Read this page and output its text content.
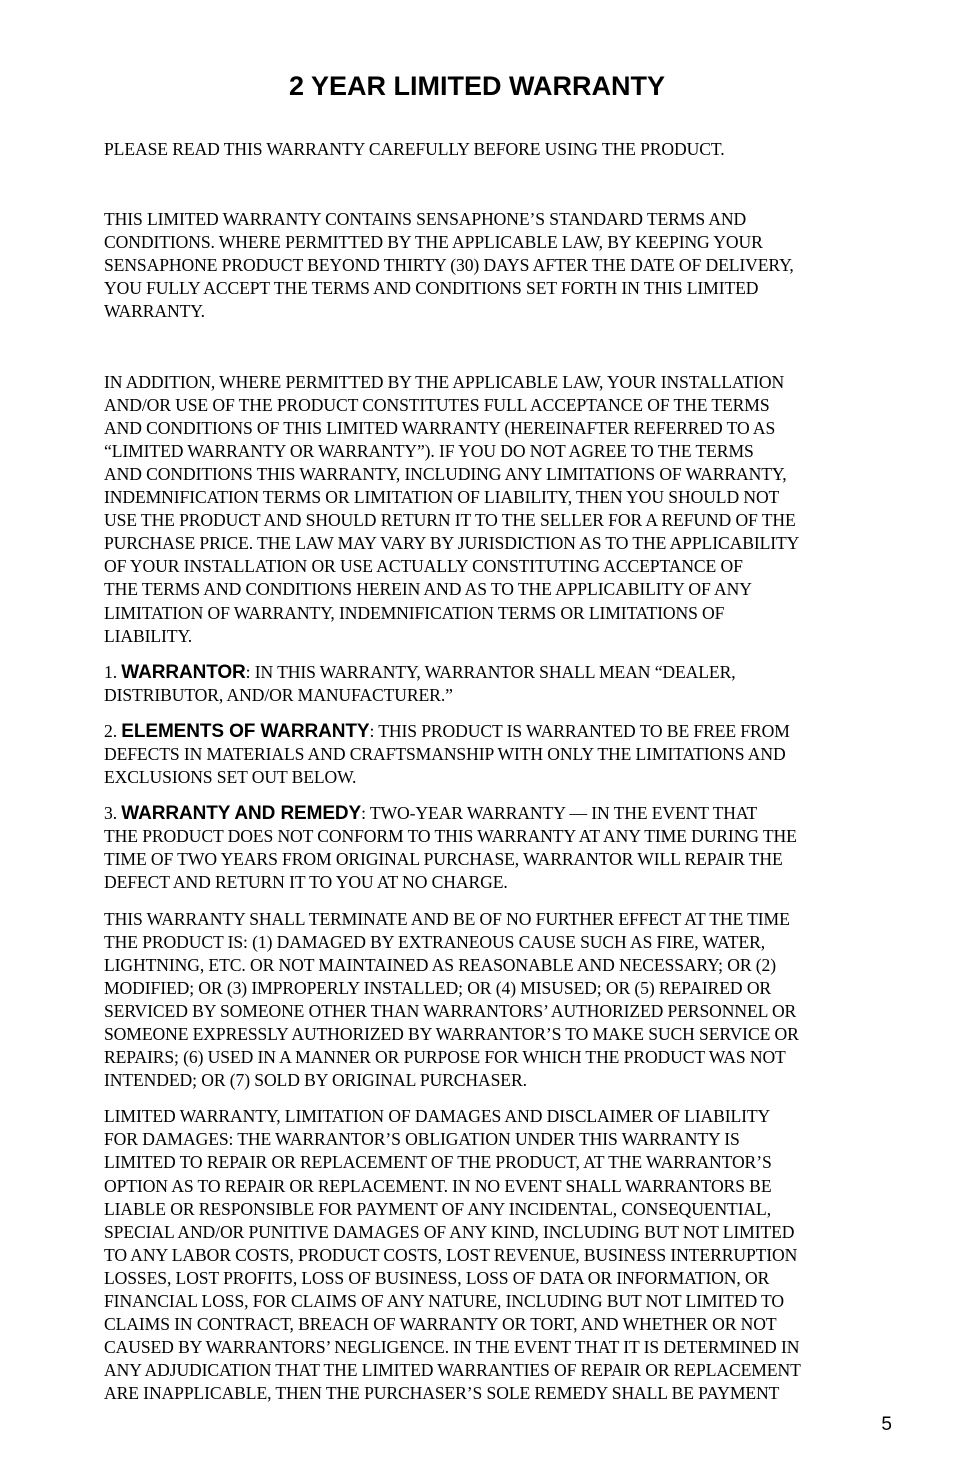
2 YEAR LIMITED WARRANTY

PLEASE READ THIS WARRANTY CAREFULLY BEFORE USING THE PRODUCT.

THIS LIMITED WARRANTY CONTAINS SENSAPHONE’S STANDARD TERMS AND
CONDITIONS. WHERE PERMITTED BY THE APPLICABLE LAW, BY KEEPING YOUR
SENSAPHONE PRODUCT BEYOND THIRTY (30) DAYS AFTER THE DATE OF DELIVERY,
YOU FULLY ACCEPT THE TERMS AND CONDITIONS SET FORTH IN THIS LIMITED
WARRANTY.

IN ADDITION, WHERE PERMITTED BY THE APPLICABLE LAW, YOUR INSTALLATION
AND/OR USE OF THE PRODUCT CONSTITUTES FULL ACCEPTANCE OF THE TERMS
AND CONDITIONS OF THIS LIMITED WARRANTY (HEREINAFTER REFERRED TO AS
“LIMITED WARRANTY OR WARRANTY”). IF YOU DO NOT AGREE TO THE TERMS
AND CONDITIONS THIS WARRANTY, INCLUDING ANY LIMITATIONS OF WARRANTY,
INDEMNIFICATION TERMS OR LIMITATION OF LIABILITY, THEN YOU SHOULD NOT
USE THE PRODUCT AND SHOULD RETURN IT TO THE SELLER FOR A REFUND OF THE
PURCHASE PRICE. THE LAW MAY VARY BY JURISDICTION AS TO THE APPLICABILITY
OF YOUR INSTALLATION OR USE ACTUALLY CONSTITUTING ACCEPTANCE OF
THE TERMS AND CONDITIONS HEREIN AND AS TO THE APPLICABILITY OF ANY
LIMITATION OF WARRANTY, INDEMNIFICATION TERMS OR LIMITATIONS OF
LIABILITY.

1. WARRANTOR: IN THIS WARRANTY, WARRANTOR SHALL MEAN “DEALER,
DISTRIBUTOR, AND/OR MANUFACTURER.”

2. ELEMENTS OF WARRANTY: THIS PRODUCT IS WARRANTED TO BE FREE FROM
DEFECTS IN MATERIALS AND CRAFTSMANSHIP WITH ONLY THE LIMITATIONS AND
EXCLUSIONS SET OUT BELOW.

3. WARRANTY AND REMEDY: TWO-YEAR WARRANTY — IN THE EVENT THAT
THE PRODUCT DOES NOT CONFORM TO THIS WARRANTY AT ANY TIME DURING THE
TIME OF TWO YEARS FROM ORIGINAL PURCHASE, WARRANTOR WILL REPAIR THE
DEFECT AND RETURN IT TO YOU AT NO CHARGE.

THIS WARRANTY SHALL TERMINATE AND BE OF NO FURTHER EFFECT AT THE TIME
THE PRODUCT IS: (1) DAMAGED BY EXTRANEOUS CAUSE SUCH AS FIRE, WATER,
LIGHTNING, ETC. OR NOT MAINTAINED AS REASONABLE AND NECESSARY; OR (2)
MODIFIED; OR (3) IMPROPERLY INSTALLED; OR (4) MISUSED; OR (5) REPAIRED OR
SERVICED BY SOMEONE OTHER THAN WARRANTORS’ AUTHORIZED PERSONNEL OR
SOMEONE EXPRESSLY AUTHORIZED BY WARRANTOR’S TO MAKE SUCH SERVICE OR
REPAIRS; (6) USED IN A MANNER OR PURPOSE FOR WHICH THE PRODUCT WAS NOT
INTENDED; OR (7) SOLD BY ORIGINAL PURCHASER.

LIMITED WARRANTY, LIMITATION OF DAMAGES AND DISCLAIMER OF LIABILITY
FOR DAMAGES: THE WARRANTOR’S OBLIGATION UNDER THIS WARRANTY IS
LIMITED TO REPAIR OR REPLACEMENT OF THE PRODUCT, AT THE WARRANTOR’S
OPTION AS TO REPAIR OR REPLACEMENT. IN NO EVENT SHALL WARRANTORS BE
LIABLE OR RESPONSIBLE FOR PAYMENT OF ANY INCIDENTAL, CONSEQUENTIAL,
SPECIAL AND/OR PUNITIVE DAMAGES OF ANY KIND, INCLUDING BUT NOT LIMITED
TO ANY LABOR COSTS, PRODUCT COSTS, LOST REVENUE, BUSINESS INTERRUPTION
LOSSES, LOST PROFITS, LOSS OF BUSINESS, LOSS OF DATA OR INFORMATION, OR
FINANCIAL LOSS, FOR CLAIMS OF ANY NATURE, INCLUDING BUT NOT LIMITED TO
CLAIMS IN CONTRACT, BREACH OF WARRANTY OR TORT, AND WHETHER OR NOT
CAUSED BY WARRANTORS’ NEGLIGENCE. IN THE EVENT THAT IT IS DETERMINED IN
ANY ADJUDICATION THAT THE LIMITED WARRANTIES OF REPAIR OR REPLACEMENT
ARE INAPPLICABLE, THEN THE PURCHASER’S SOLE REMEDY SHALL BE PAYMENT

5
